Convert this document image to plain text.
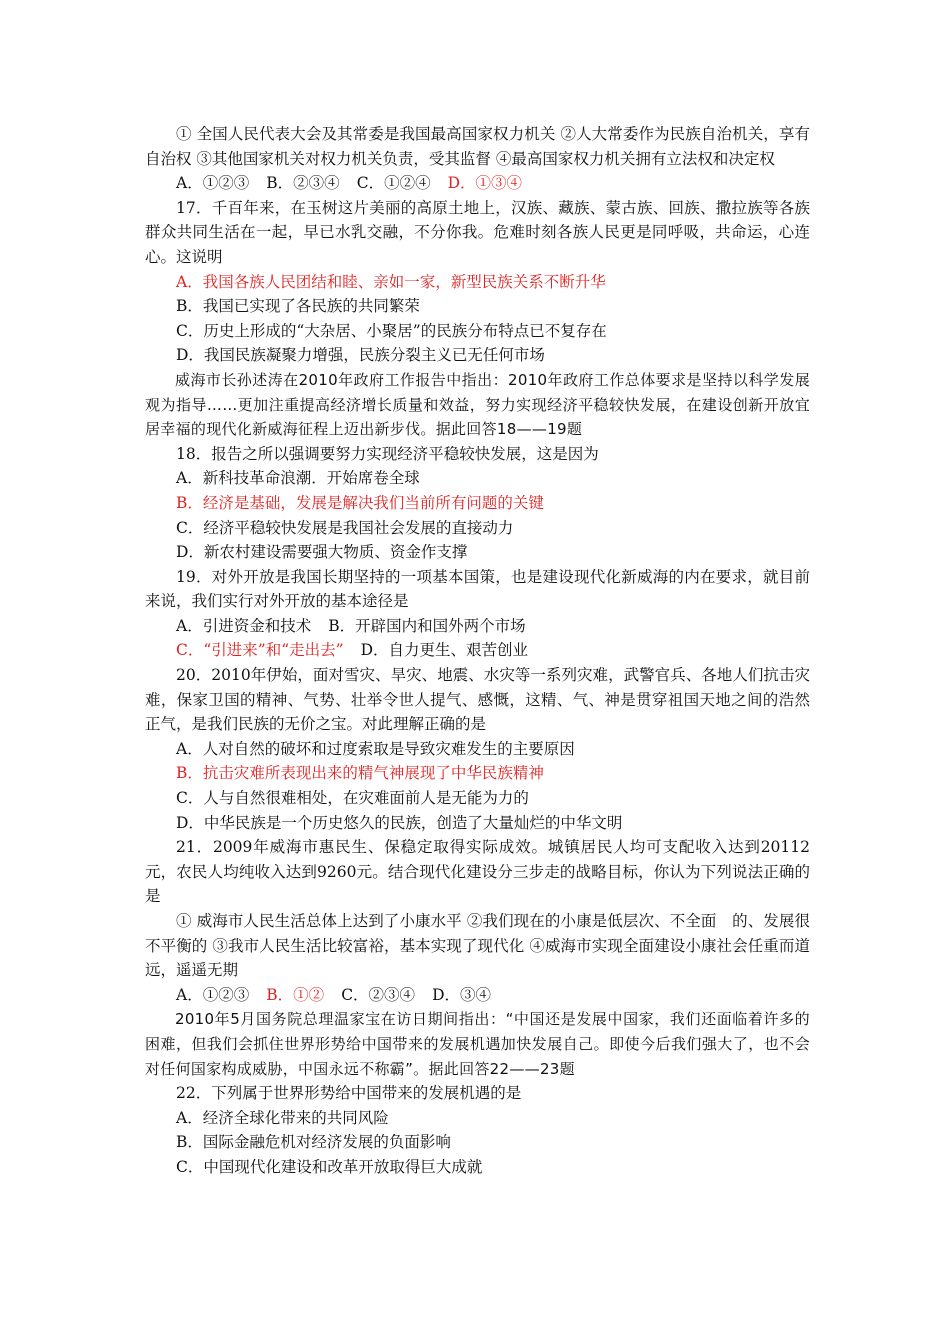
① 全国人民代表大会及其常委是我国最高国家权力机关 ②人大常委作为民族自治机关，享有自治权 ③其他国家机关对权力机关负责，受其监督 ④最高国家权力机关拥有立法权和决定权

A．①②③ B．②③④ C．①②④ D．①③④

17．千百年来，在玉树这片美丽的高原土地上，汉族、藏族、蒙古族、回族、撒拉族等各族群众共同生活在一起，早已水乳交融，不分你我。危难时刻各族人民更是同呼吸，共命运，心连心。这说明

A．我国各族人民团结和睦、亲如一家，新型民族关系不断升华

B．我国已实现了各民族的共同繁荣

C．历史上形成的“大杂居、小聚居”的民族分布特点已不复存在

D．我国民族凝聚力增强，民族分裂主义已无任何市场

威海市长孙述涛在2010年政府工作报告中指出：2010年政府工作总体要求是坚持以科学发展观为指导……更加注重提高经济增长质量和效益，努力实现经济平稳较快发展，在建设创新开放宜居幸福的现代化新威海征程上迈出新步伐。据此回答18——19题

18．报告之所以强调要努力实现经济平稳较快发展，这是因为

A．新科技革命浪潮．开始席卷全球

B．经济是基础，发展是解决我们当前所有问题的关键

C．经济平稳较快发展是我国社会发展的直接动力

D．新农村建设需要强大物质、资金作支撑

19．对外开放是我国长期坚持的一项基本国策，也是建设现代化新威海的内在要求，就目前来说，我们实行对外开放的基本途径是

A．引进资金和技术 B．开辟国内和国外两个市场

C．“引进来”和“走出去” D．自力更生、艰苦创业

20．2010年伊始，面对雪灾、旱灾、地震、水灾等一系列灾难，武警官兵、各地人们抗击灾难，保家卫国的精神、气势、壮举令世人提气、感慨，这精、气、神是贯穿祖国天地之间的浩然正气，是我们民族的无价之宝。对此理解正确的是

A．人对自然的破坏和过度索取是导致灾难发生的主要原因

B．抗击灾难所表现出来的精气神展现了中华民族精神

C．人与自然很难相处，在灾难面前人是无能为力的

D．中华民族是一个历史悠久的民族，创造了大量灿烂的中华文明

21．2009年威海市惠民生、保稳定取得实际成效。城镇居民人均可支配收入达到20112元，农民人均纯收入达到9260元。结合现代化建设分三步走的战略目标，你认为下列说法正确的是

① 威海市人民生活总体上达到了小康水平 ②我们现在的小康是低层次、不全面　的、发展很不平衡的 ③我市人民生活比较富裕，基本实现了现代化 ④威海市实现全面建设小康社会任重而道远，遥遥无期

A．①②③ B．①② C．②③④ D．③④

2010年5月国务院总理温家宝在访日期间指出：“中国还是发展中国家，我们还面临着许多的困难，但我们会抓住世界形势给中国带来的发展机遇加快发展自己。即使今后我们强大了，也不会对任何国家构成威胁，中国永远不称霸”。据此回答22——23题

22．下列属于世界形势给中国带来的发展机遇的是

A．经济全球化带来的共同风险

B．国际金融危机对经济发展的负面影响

C．中国现代化建设和改革开放取得巨大成就
